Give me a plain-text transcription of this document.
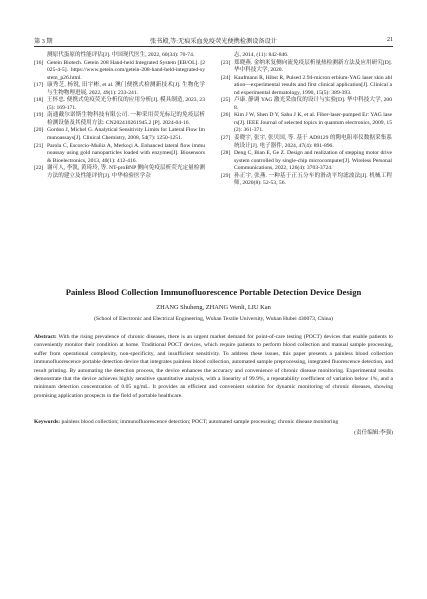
第 3 期	张书殿,等:无痕采血免疫荧光便携检测设备设计	21
测原代蛋原的性能评估[J]. 中国现代医生, 2022, 60(34): 70-74.
[16] Getein Biotech. Getein 208 Hand-held Integrated System [EB/OL]. [2025-4-5]. https://www.getein.com/getein-208-hand-held-integrated-system_p26.html.
[17] 康秀芝, 杨锐, 田宇彬, et al. 澳门便携式检测新技术[J]. 生物化学与生物物理进展, 2022, 49(1): 233-241.
[18] 王怀忠. 便携式免疫荧光分析仪的应用分析[J]. 模具制造, 2023, 23(5): 169-171.
[19] 南通戴尔诺斯生物科技有限公司. 一种采用荧光标记的免疫层析检测设备及其使用方法: CN202410261945.2 [P]. 2024-04-16.
[20] Gordon J, Michel G. Analytical Sensitivity Limits for Lateral Flow Immunoassays[J]. Clinical Chemistry, 2008, 54(7): 1250-1251.
[21] Parola C, Escorcio-Muñiz A, Merkoçi A. Enhanced lateral flow immunoassay using gold nanoparticles loaded with enzymes[J]. Biosensors & Bioelectronics, 2013, 40(1): 412-416.
[22] 谢可人, 李凯, 黄琦玲, 等. NT-proBNP 侧向免疫层析荧光定量检测方法的建立及性能评价[J]. 中华检验医学杂
志, 2014, (11): 842-846.
[23] 郑晓燕. 金纳米复侧向流免疫层析量热检测新方法及应用研究[D]. 华中科技大学, 2020.
[24] Kaufmann R, Hibst R, Pulsed 2.94-micron erbium-YAG laser skin ablation—experimental results and first clinical application[J]. Clinical and experimental dermatology, 1990, 15(5): 389-393.
[25] 卢康. 静调 YAG 激光采血仪的设计与实验[D]. 华中科技大学, 2008.
[26] Kim J W, Shen D Y, Sahu J K, et al. Fiber-laser-pumped Er: YAG lasers[J]. IEEE Journal of selected topics in quantum electronics, 2009, 15(2): 361-371.
[27] 姜晓宇, 张宇, 张贝国, 等. 基于 AD8129 的陶电阻率仪数据采集系统设计[J]. 电子器件, 2024, 47(4): 891-896.
[28] Deng C, Bian E, Ge Z. Design and realization of stepping motor drive system controlled by single-chip microcomputer[J]. Wireless Personal Communications, 2022, 126(4): 3703-3724.
[29] 孙正宇, 张燕. 一种基于正五分车的滑动平均滤波法[J]. 机械工程师, 2020(8): 52-53, 56.
Painless Blood Collection Immunofluorescence Portable Detection Device Design
ZHANG Shuheng, ZHANG Wenli, LIU Kan
(School of Electronic and Electrical Engineering, Wuhan Textile University, Wuhan Hubei 430073, China)

Abstract: With the rising prevalence of chronic diseases, there is an urgent market demand for point-of-care testing (POCT) devices that enable patients to conveniently monitor their condition at home. Traditional POCT devices, which require patients to perform blood collection and manual sample processing, suffer from operational complexity, non-specificity, and insufficient sensitivity. To address these issues, this paper presents a painless blood collection immunofluorescence portable detection device that integrates painless blood collection, automated sample preprocessing, integrated fluorescence detection, and result printing. By automating the detection process, the device enhances the accuracy and convenience of chronic disease monitoring. Experimental results demonstrate that the device achieves highly sensitive quantitative analysis, with a linearity of 99.9%, a repeatability coefficient of variation below 1%, and a minimum detection concentration of 0.05 ng/mL. It provides an efficient and convenient solution for dynamic monitoring of chronic diseases, showing promising application prospects in the field of portable healthcare.

Keywords: painless blood collection; immunofluorescence detection; POCT; automated sample processing; chronic disease monitoring

(责任编辑:李强)
